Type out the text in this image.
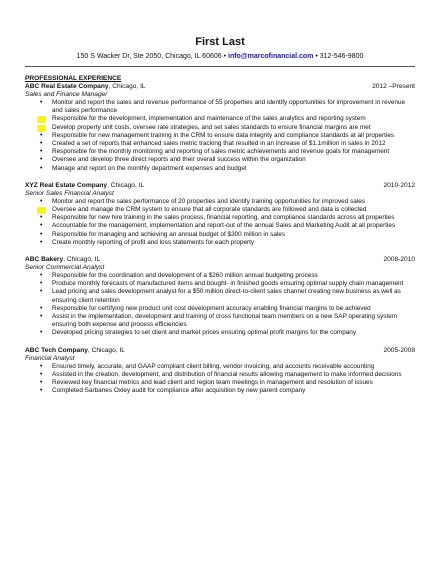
First Last
150 S Wacker Dr, Ste 2050, Chicago, IL 60606 • info@marcofinancial.com • 312-546-9800
PROFESSIONAL EXPERIENCE
ABC Real Estate Company, Chicago, IL	2012 –Present
Sales and Finance Manager
• Monitor and report the sales and revenue performance of 55 properties and identify opportunities for improvement in revenue and sales performance
• Responsible for the development, implementation and maintenance of the sales analytics and reporting system
• Develop property unit costs, oversee rate strategies, and set sales standards to ensure financial margins are met
• Responsible for new management training in the CRM to ensure data integrity and compliance standards at all properties
• Created a set of reports that enhanced sales metric tracking that resulted in an increase of $1.1million in sales in 2012
• Responsible for the monthly monitoring and reporting of sales metric achievements and revenue goals for management
• Oversee and develop three direct reports and their overall success within the organization
• Manage and report on the monthly department expenses and budget
XYZ Real Estate Company, Chicago, IL	2010-2012
Senior Sales Financial Analyst
• Monitor and report the sales performance of 20 properties and identify training opportunities for improved sales
• Oversee and manage the CRM system to ensure that all corporate standards are followed and data is collected
• Responsible for new hire training in the sales process, financial reporting, and compliance standards across all properties
• Accountable for the management, implementation and report-out of the annual Sales and Marketing Audit at all properties
• Responsible for managing and achieving an annual budget of $300 million in sales
• Create monthly reporting of profit and loss statements for each property
ABC Bakery, Chicago, IL	2008-2010
Senior Commercial Analyst
• Responsible for the coordination and development of a $260 million annual budgeting process
• Produce monthly forecasts of manufactured items and bought- in finished goods ensuring optimal supply chain management
• Lead pricing and sales development analyst for a $50 million direct-to-client sales channel creating new business as well as ensuring client retention
• Responsible for certifying new product unit cost development accuracy enabling financial margins to be achieved
• Assist in the implementation, development and training of cross functional team members on a new SAP operating system ensuring both expense and process efficiencies
• Developed pricing strategies to set client and market prices ensuring optimal profit margins for the company
ABC Tech Company, Chicago, IL	2005-2008
Financial Analyst
• Ensured timely, accurate, and GAAP compliant client billing, vendor invoicing, and accounts receivable accounting
• Assisted in the creation, development, and distribution of financial results allowing management to make informed decisions
• Reviewed key financial metrics and lead client and region team meetings in management and resolution of issues
• Completed Sarbanes Oxley audit for compliance after acquisition by new parent company
